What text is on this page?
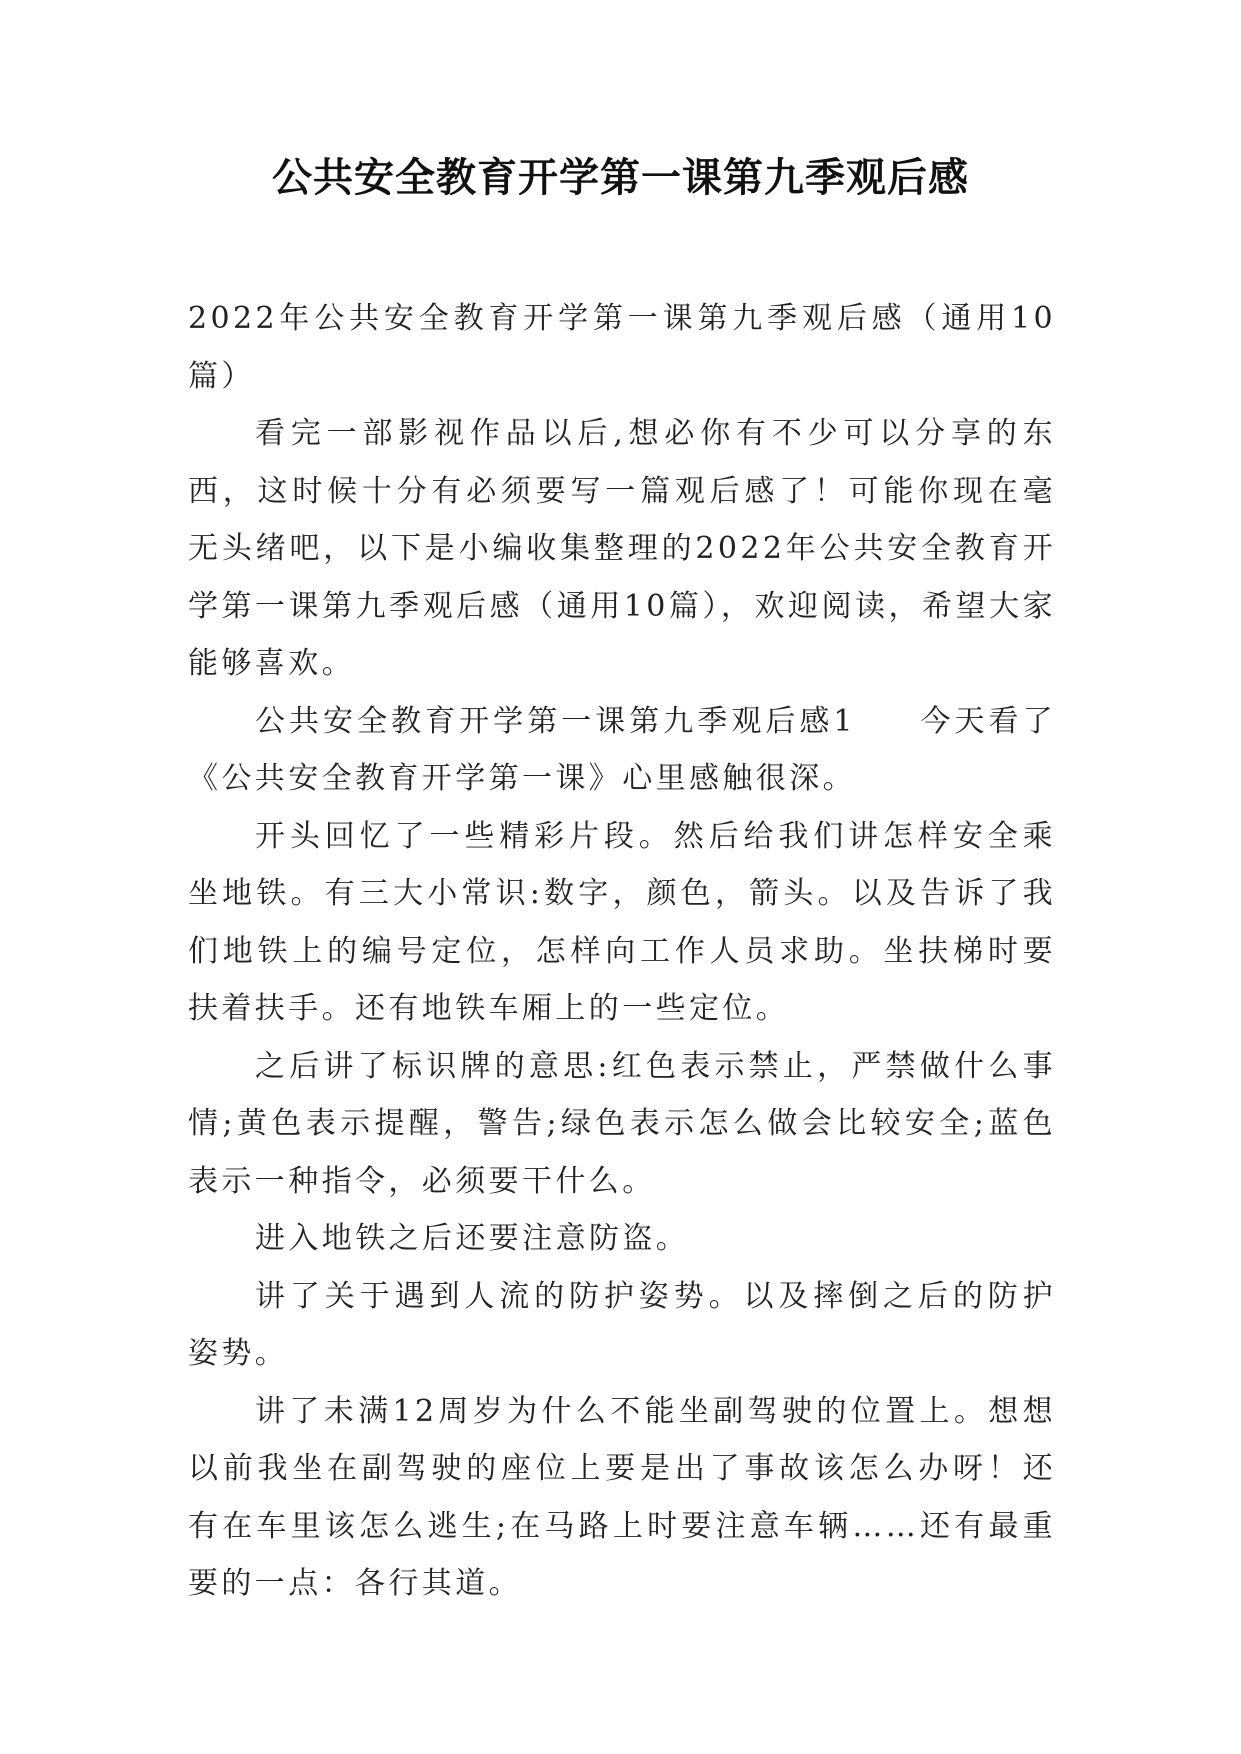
公共安全教育开学第一课第九季观后感

2022年公共安全教育开学第一课第九季观后感（通用10篇）

看完一部影视作品以后,想必你有不少可以分享的东西，这时候十分有必须要写一篇观后感了！可能你现在毫无头绪吧，以下是小编收集整理的2022年公共安全教育开学第一课第九季观后感（通用10篇），欢迎阅读，希望大家能够喜欢。

公共安全教育开学第一课第九季观后感1 今天看了《公共安全教育开学第一课》心里感触很深。

开头回忆了一些精彩片段。然后给我们讲怎样安全乘坐地铁。有三大小常识:数字，颜色，箭头。以及告诉了我们地铁上的编号定位，怎样向工作人员求助。坐扶梯时要扶着扶手。还有地铁车厢上的一些定位。

之后讲了标识牌的意思:红色表示禁止，严禁做什么事情;黄色表示提醒，警告;绿色表示怎么做会比较安全;蓝色表示一种指令，必须要干什么。

进入地铁之后还要注意防盗。

讲了关于遇到人流的防护姿势。以及摔倒之后的防护姿势。

讲了未满12周岁为什么不能坐副驾驶的位置上。想想以前我坐在副驾驶的座位上要是出了事故该怎么办呀！还有在车里该怎么逃生;在马路上时要注意车辆……还有最重要的一点：各行其道。
